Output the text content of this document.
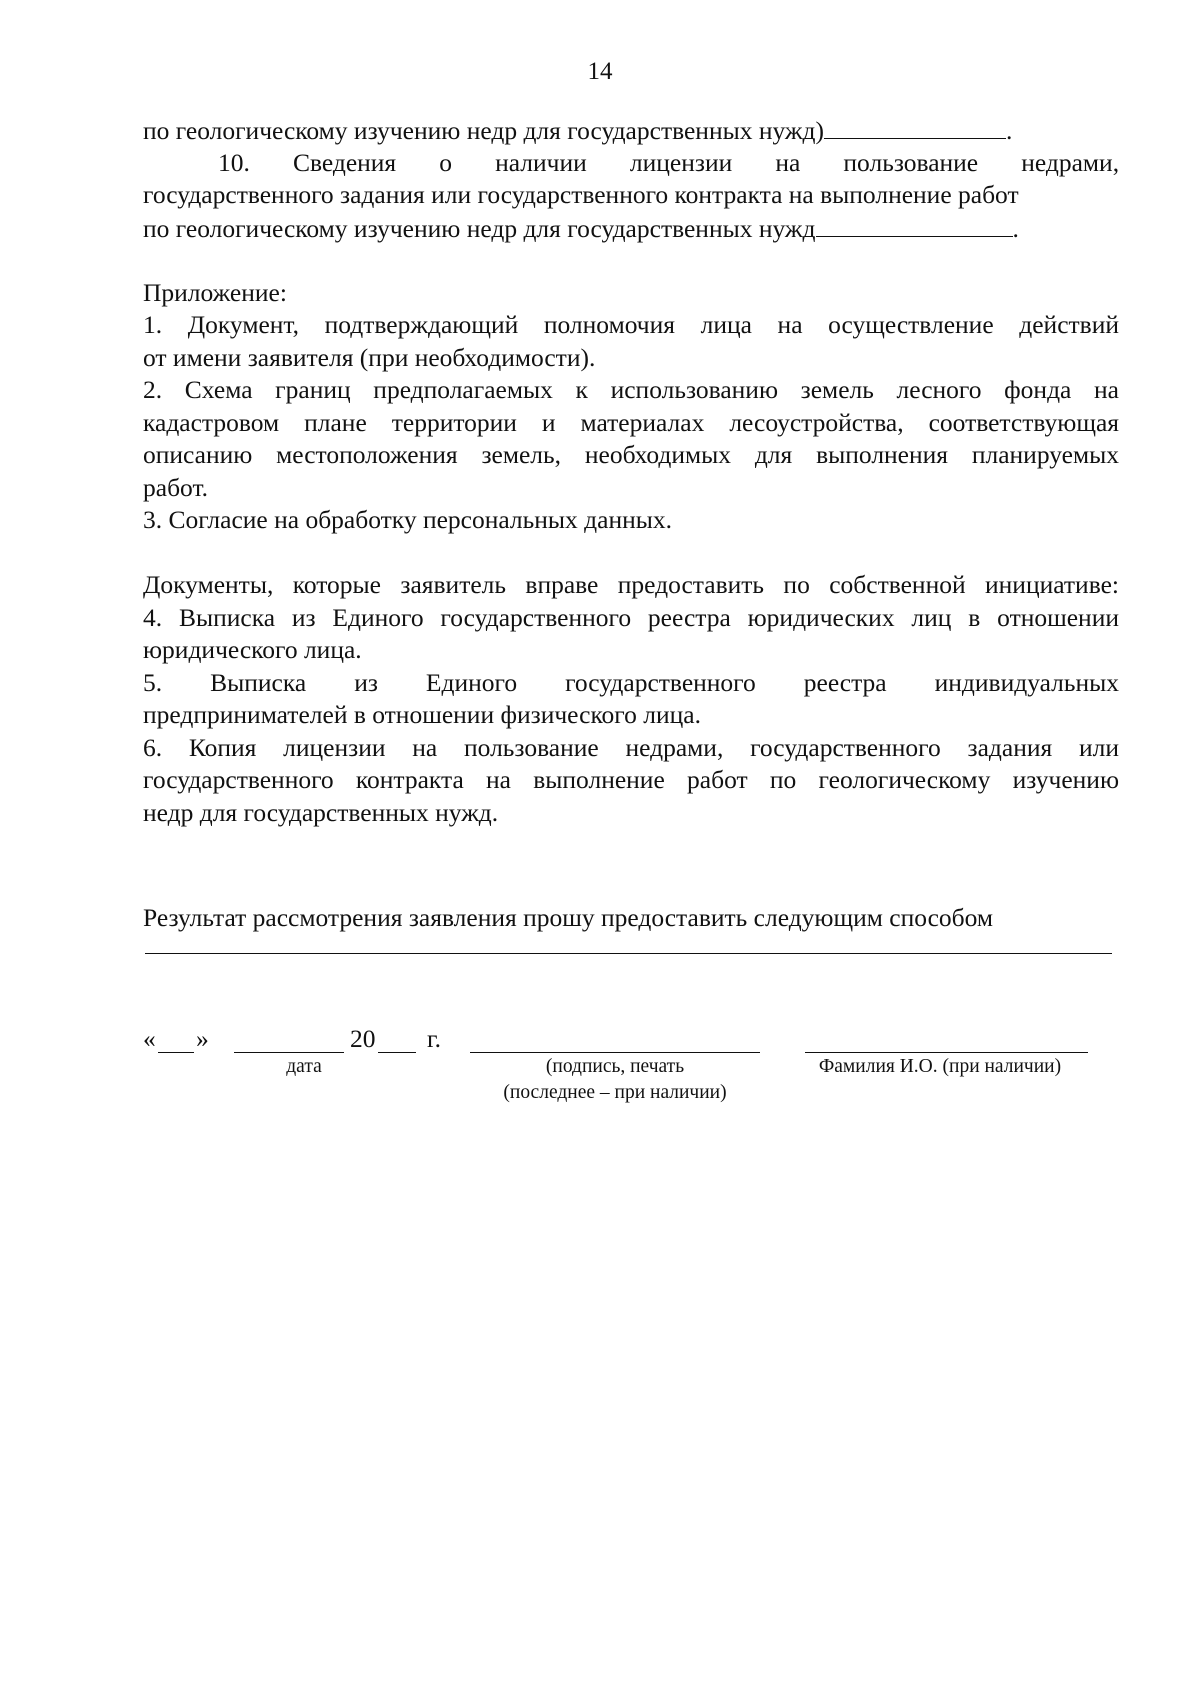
14
по геологическому изучению недр для государственных нужд)	.
10. Сведения о наличии лицензии на пользование недрами,
государственного задания или государственного контракта на выполнение работ
по геологическому изучению недр для государственных нужд	.
Приложение:
1. Документ, подтверждающий полномочия лица на осуществление действий
от имени заявителя (при необходимости).
2. Схема границ предполагаемых к использованию земель лесного фонда на
кадастровом плане территории и материалах лесоустройства, соответствующая
описанию местоположения земель, необходимых для выполнения планируемых
работ.
3. Согласие на обработку персональных данных.
Документы, которые заявитель вправе предоставить по собственной инициативе:
4. Выписка из Единого государственного реестра юридических лиц в отношении
юридического лица.
5. Выписка из Единого государственного реестра индивидуальных
предпринимателей в отношении физического лица.
6. Копия лицензии на пользование недрами, государственного задания или
государственного контракта на выполнение работ по геологическому изучению
недр для государственных нужд.
Результат рассмотрения заявления прошу предоставить следующим способом
« »	20 г.
дата	(подпись, печать
(последнее – при наличии)
Фамилия И.О. (при наличии)
